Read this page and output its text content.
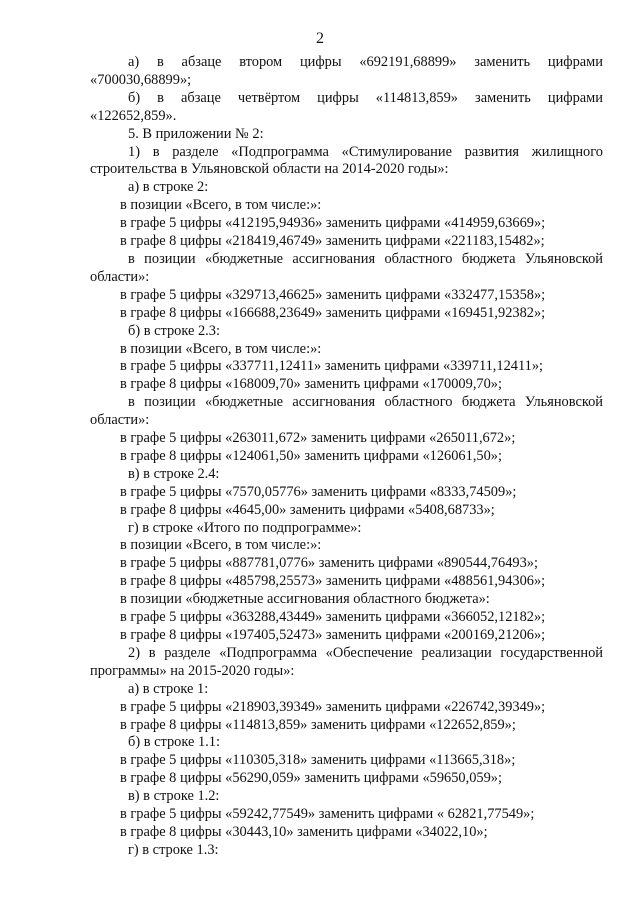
2
а) в абзаце втором цифры «692191,68899» заменить цифрами
«700030,68899»;
б) в абзаце четвёртом цифры «114813,859» заменить цифрами
«122652,859».
5. В приложении № 2:
1) в разделе «Подпрограмма «Стимулирование развития жилищного
строительства в Ульяновской области на 2014-2020 годы»:
а) в строке 2:
в позиции «Всего, в том числе:»:
в графе 5 цифры «412195,94936» заменить цифрами «414959,63669»;
в графе 8 цифры «218419,46749» заменить цифрами «221183,15482»;
в позиции «бюджетные ассигнования областного бюджета Ульяновской
области»:
в графе 5 цифры «329713,46625» заменить цифрами «332477,15358»;
в графе 8 цифры «166688,23649» заменить цифрами «169451,92382»;
б) в строке 2.3:
в позиции «Всего, в том числе:»:
в графе 5 цифры «337711,12411» заменить цифрами «339711,12411»;
в графе 8 цифры «168009,70» заменить цифрами «170009,70»;
в позиции «бюджетные ассигнования областного бюджета Ульяновской
области»:
в графе 5 цифры «263011,672» заменить цифрами «265011,672»;
в графе 8 цифры «124061,50» заменить цифрами «126061,50»;
в) в строке 2.4:
в графе 5 цифры «7570,05776» заменить цифрами «8333,74509»;
в графе 8 цифры «4645,00» заменить цифрами «5408,68733»;
г) в строке «Итого по подпрограмме»:
в позиции «Всего, в том числе:»:
в графе 5 цифры «887781,0776» заменить цифрами «890544,76493»;
в графе 8 цифры «485798,25573» заменить цифрами «488561,94306»;
в позиции «бюджетные ассигнования областного бюджета»:
в графе 5 цифры «363288,43449» заменить цифрами «366052,12182»;
в графе 8 цифры «197405,52473» заменить цифрами «200169,21206»;
2) в разделе «Подпрограмма «Обеспечение реализации государственной
программы» на 2015-2020 годы»:
а) в строке 1:
в графе 5 цифры «218903,39349» заменить цифрами «226742,39349»;
в графе 8 цифры «114813,859» заменить цифрами «122652,859»;
б) в строке 1.1:
в графе 5 цифры «110305,318» заменить цифрами «113665,318»;
в графе 8 цифры «56290,059» заменить цифрами «59650,059»;
в) в строке 1.2:
в графе 5 цифры «59242,77549» заменить цифрами « 62821,77549»;
в графе 8 цифры «30443,10» заменить цифрами «34022,10»;
г) в строке 1.3:
